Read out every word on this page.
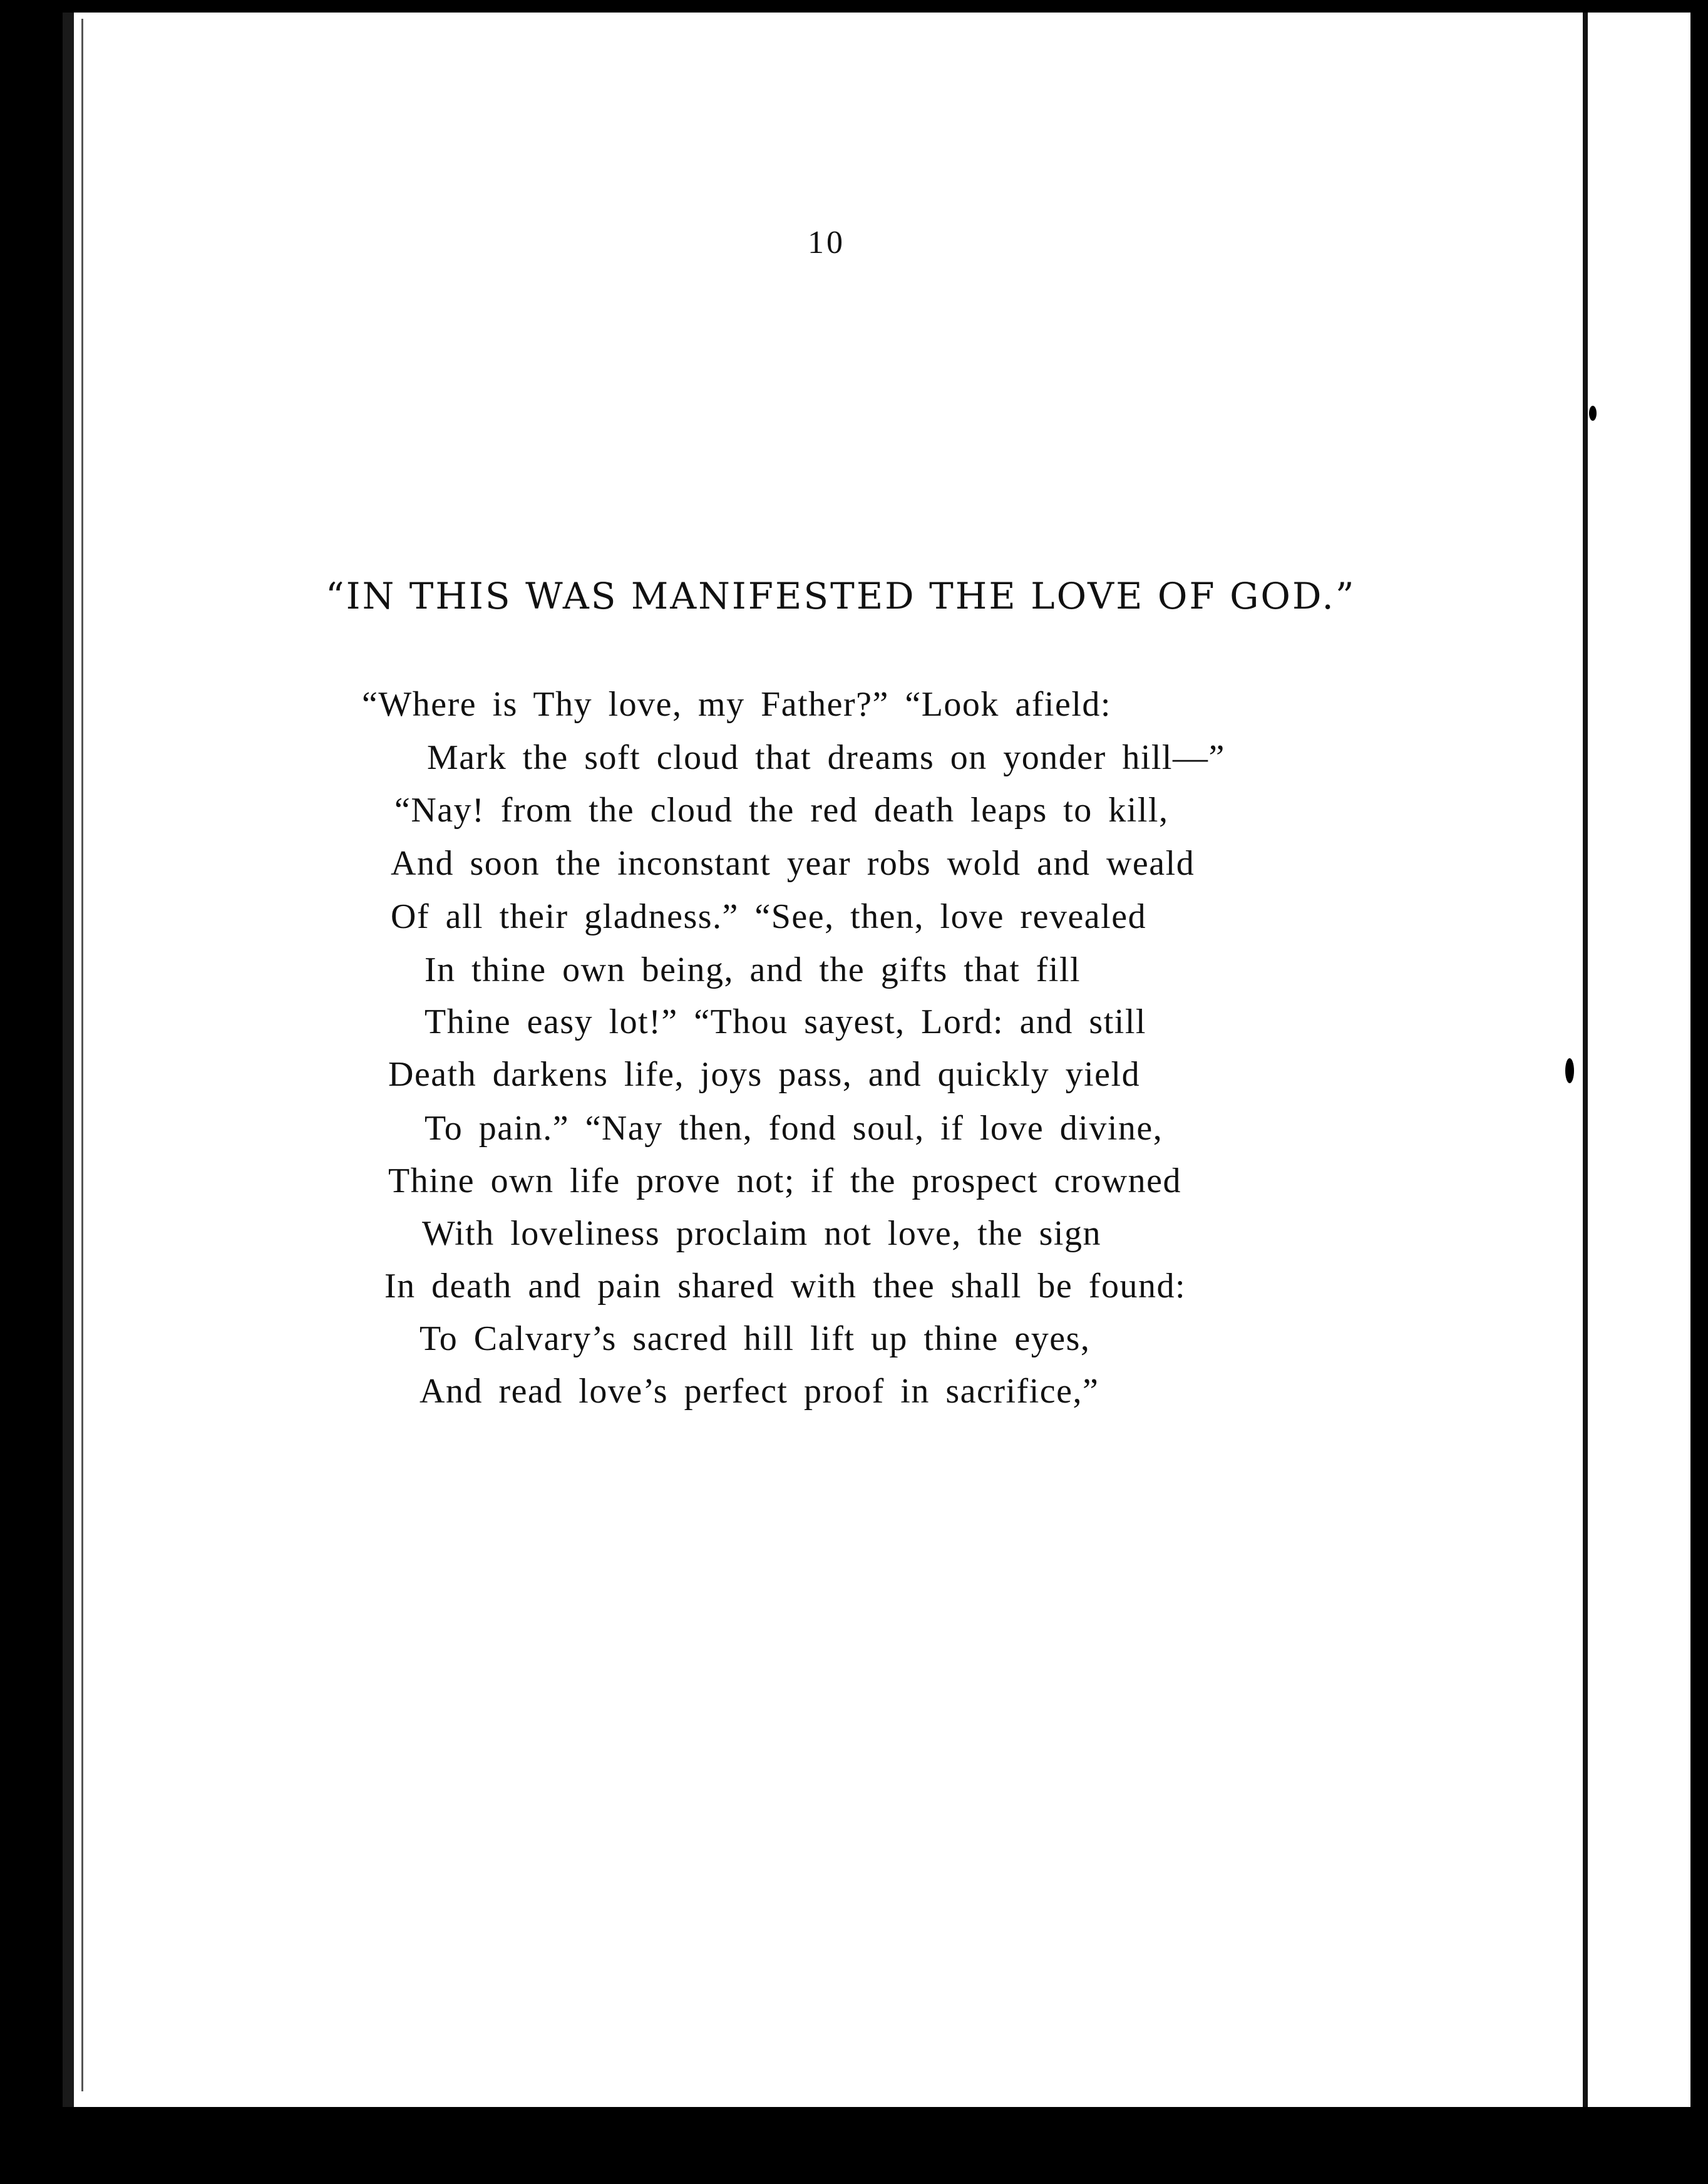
10
“IN THIS WAS MANIFESTED THE LOVE OF GOD.”
“Where is Thy love, my Father?” “Look afield:
Mark the soft cloud that dreams on yonder hill—”
“Nay! from the cloud the red death leaps to kill,
And soon the inconstant year robs wold and weald
Of all their gladness.” “See, then, love revealed
In thine own being, and the gifts that fill
Thine easy lot!” “Thou sayest, Lord: and still
Death darkens life, joys pass, and quickly yield
To pain.” “Nay then, fond soul, if love divine,
Thine own life prove not; if the prospect crowned
With loveliness proclaim not love, the sign
In death and pain shared with thee shall be found:
To Calvary’s sacred hill lift up thine eyes,
And read love’s perfect proof in sacrifice,”
